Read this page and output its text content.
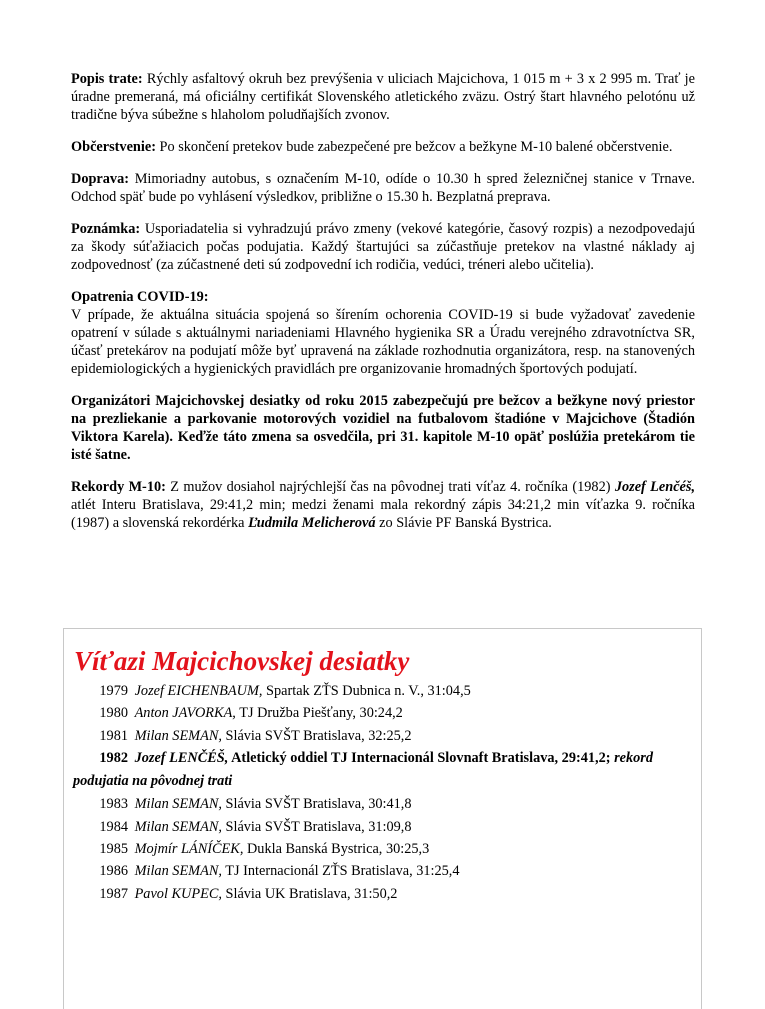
Popis trate: Rýchly asfaltový okruh bez prevýšenia v uliciach Majcichova, 1 015 m + 3 x 2 995 m. Trať je úradne premeraná, má oficiálny certifikát Slovenského atletického zväzu. Ostrý štart hlavného pelotónu už tradične býva súbežne s hlaholom poludňajších zvonov.

Občerstvenie: Po skončení pretekov bude zabezpečené pre bežcov a bežkyne M-10 balené občerstvenie.

Doprava: Mimoriadny autobus, s označením M-10, odíde o 10.30 h spred železničnej stanice v Trnave. Odchod späť bude po vyhlásení výsledkov, približne o 15.30 h. Bezplatná preprava.

Poznámka: Usporiadatelia si vyhradzujú právo zmeny (vekové kategórie, časový rozpis) a nezodpovedajú za škody súťažiacich počas podujatia. Každý štartujúci sa zúčastňuje pretekov na vlastné náklady aj zodpovednosť (za zúčastnené deti sú zodpovední ich rodičia, vedúci, tréneri alebo učitelia).

Opatrenia COVID-19:
V prípade, že aktuálna situácia spojená so šírením ochorenia COVID-19 si bude vyžadovať zavedenie opatrení v súlade s aktuálnymi nariadeniami Hlavného hygienika SR a Úradu verejného zdravotníctva SR, účasť pretekárov na podujatí môže byť upravená na základe rozhodnutia organizátora, resp. na stanovených epidemiologických a hygienických pravidlách pre organizovanie hromadných športových podujatí.

Organizátori Majcichovskej desiatky od roku 2015 zabezpečujú pre bežcov a bežkyne nový priestor na prezliekanie a parkovanie motorových vozidiel na futbalovom štadióne v Majcichove (Štadión Viktora Karela). Keďže táto zmena sa osvedčila, pri 31. kapitole M-10 opäť poslúžia pretekárom tie isté šatne.

Rekordy M-10: Z mužov dosiahol najrýchlejší čas na pôvodnej trati víťaz 4. ročníka (1982) Jozef Lenčéš, atlét Interu Bratislava, 29:41,2 min; medzi ženami mala rekordný zápis 34:21,2 min víťazka 9. ročníka (1987) a slovenská rekordérka Ľudmila Melicherová zo Slávie PF Banská Bystrica.

Víťazi Majcichovskej desiatky
1979 Jozef EICHENBAUM, Spartak ZŤS Dubnica n. V., 31:04,5
1980 Anton JAVORKA, TJ Družba Piešťany, 30:24,2
1981 Milan SEMAN, Slávia SVŠT Bratislava, 32:25,2
1982 Jozef LENČÉŠ, Atletický oddiel TJ Internacionál Slovnaft Bratislava, 29:41,2; rekord podujatia na pôvodnej trati
1983 Milan SEMAN, Slávia SVŠT Bratislava, 30:41,8
1984 Milan SEMAN, Slávia SVŠT Bratislava, 31:09,8
1985 Mojmír LÁNÍČEK, Dukla Banská Bystrica, 30:25,3
1986 Milan SEMAN, TJ Internacionál ZŤS Bratislava, 31:25,4
1987 Pavol KUPEC, Slávia UK Bratislava, 31:50,2
